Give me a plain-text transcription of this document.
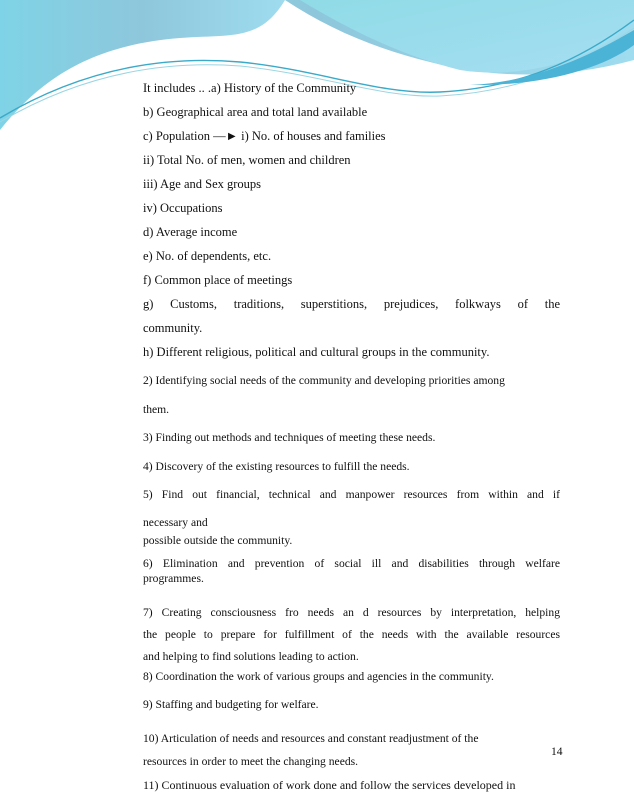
It includes .. .a) History of the Community
b) Geographical area and total land available
c) Population —► i) No. of houses and families
ii) Total No. of men, women and children
iii) Age and Sex groups
iv) Occupations
d) Average income
e) No. of dependents, etc.
f) Common place of meetings
g) Customs, traditions, superstitions, prejudices, folkways of the
community.
h) Different religious, political and cultural groups in the community.
2) Identifying social needs of the community and developing priorities among
them.
3) Finding out methods and techniques of meeting these needs.
4) Discovery of the existing resources to fulfill the needs.
5) Find out financial, technical and manpower resources from within and if
necessary and
possible outside the community.
6) Elimination and prevention of social ill and disabilities through welfare
programmes.
7) Creating consciousness fro needs an d resources by interpretation, helping
the people to prepare for fulfillment of the needs with the available resources
and helping to find solutions leading to action.
8) Coordination the work of various groups and agencies in the community.
9) Staffing and budgeting for welfare.
10) Articulation of needs and resources and constant readjustment of the
resources in order to meet the changing needs.
11) Continuous evaluation of work done and follow the services developed in
14
